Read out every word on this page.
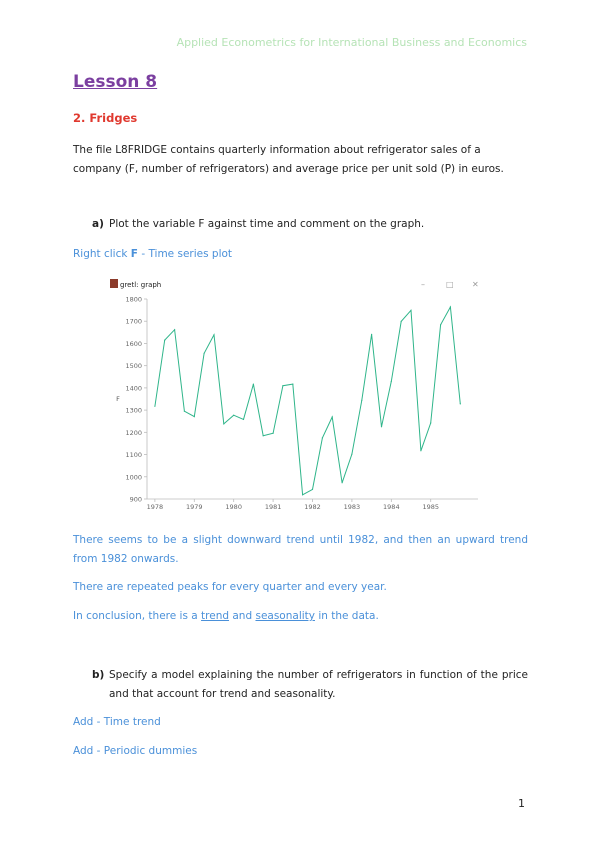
Applied Econometrics for International Business and Economics
Lesson 8
2. Fridges
The file L8FRIDGE contains quarterly information about refrigerator sales of a company (F, number of refrigerators) and average price per unit sold (P) in euros.
a) Plot the variable F against time and comment on the graph.
Right click F - Time series plot
gretl: graph	–	□ ✕
900
1000
1100
1200
1300
1400
1500
1600
1700
1800
1978	1979	1980	1981	1982	1983	1984	1985
F
There seems to be a slight downward trend until 1982, and then an upward trend from 1982 onwards.
There are repeated peaks for every quarter and every year.
In conclusion, there is a trend and seasonality in the data.
b) Specify a model explaining the number of refrigerators in function of the price and that account for trend and seasonality.
Add - Time trend
Add - Periodic dummies
1
